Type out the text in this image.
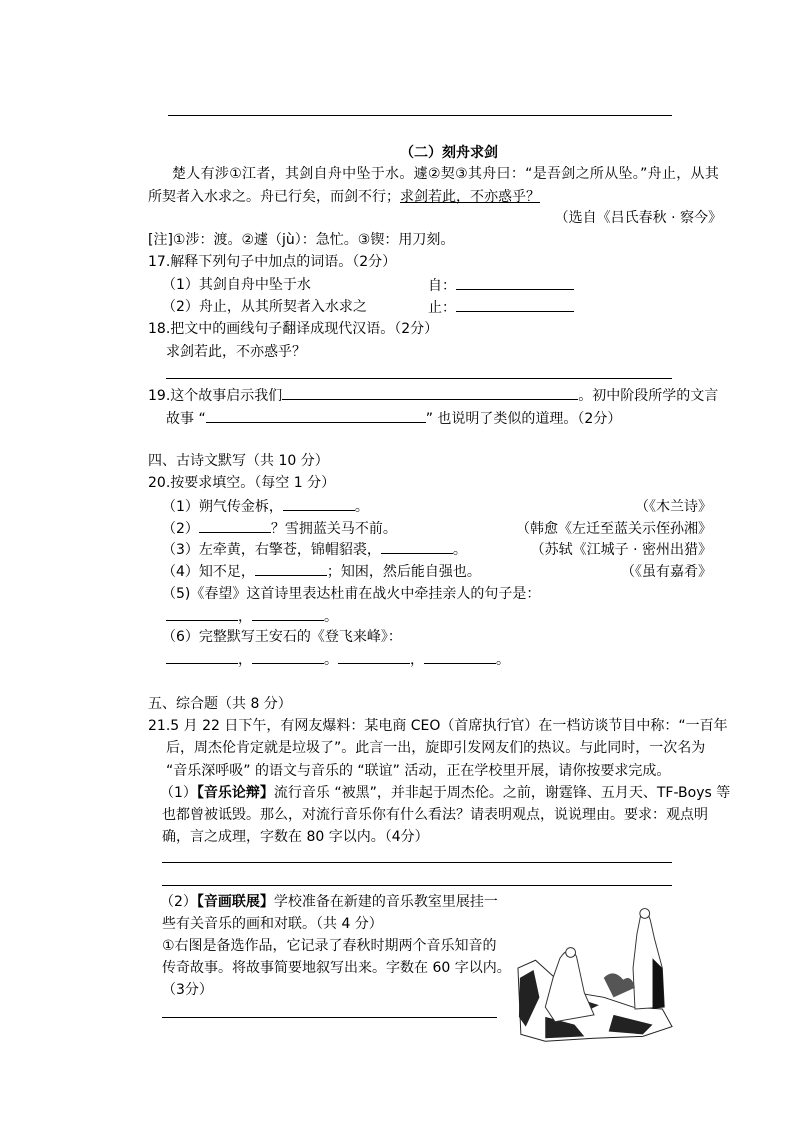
（二）刻舟求剑
楚人有涉①江者，其剑自舟中坠于水。遽②契③其舟曰：“是吾剑之所从坠。”舟止，从其
所契者入水求之。舟已行矣，而剑不行；求剑若此，不亦惑乎？
（选自《吕氏春秋 · 察今》
[注]①涉：渡。②遽（jù）：急忙。③锲：用刀刻。
17.解释下列句子中加点的词语。（2分）
（1）其剑自舟中坠于水	自：
（2）舟止，从其所契者入水求之	止：
18.把文中的画线句子翻译成现代汉语。（2分）
求剑若此，不亦惑乎？
19.这个故事启示我们	。初中阶段所学的文言
故事 “	” 也说明了类似的道理。（2分）
四、古诗文默写（共 10 分）
20.按要求填空。（每空 1 分）
（1）朔气传金柝，	。	（《木兰诗》
（2）	？雪拥蓝关马不前。	（韩愈《左迁至蓝关示侄孙湘》
（3）左牵黄，右擎苍，锦帽貂裘，	。	（苏轼《江城子 · 密州出猎》
（4）知不足，	；知困，然后能自强也。	（《虽有嘉肴》
（5)《春望》这首诗里表达杜甫在战火中牵挂亲人的句子是：
，	。
（6）完整默写王安石的《登飞来峰》：
，	。	，	。
五、综合题（共 8 分）
21.5 月 22 日下午，有网友爆料：某电商 CEO（首席执行官）在一档访谈节目中称：“一百年
后，周杰伦肯定就是垃圾了”。此言一出，旋即引发网友们的热议。与此同时，一次名为
“音乐深呼吸” 的语文与音乐的 “联谊” 活动，正在学校里开展，请你按要求完成。
（1）【音乐论辩】流行音乐 “被黑”，并非起于周杰伦。之前，谢霆锋、五月天、TF-Boys 等
也都曾被诋毁。那么，对流行音乐你有什么看法？请表明观点，说说理由。要求：观点明
确，言之成理，字数在 80 字以内。（4分）
（2）【音画联展】学校准备在新建的音乐教室里展挂一
些有关音乐的画和对联。（共 4 分）
①右图是备选作品，它记录了春秋时期两个音乐知音的
传奇故事。将故事简要地叙写出来。字数在 60 字以内。
（3分）
